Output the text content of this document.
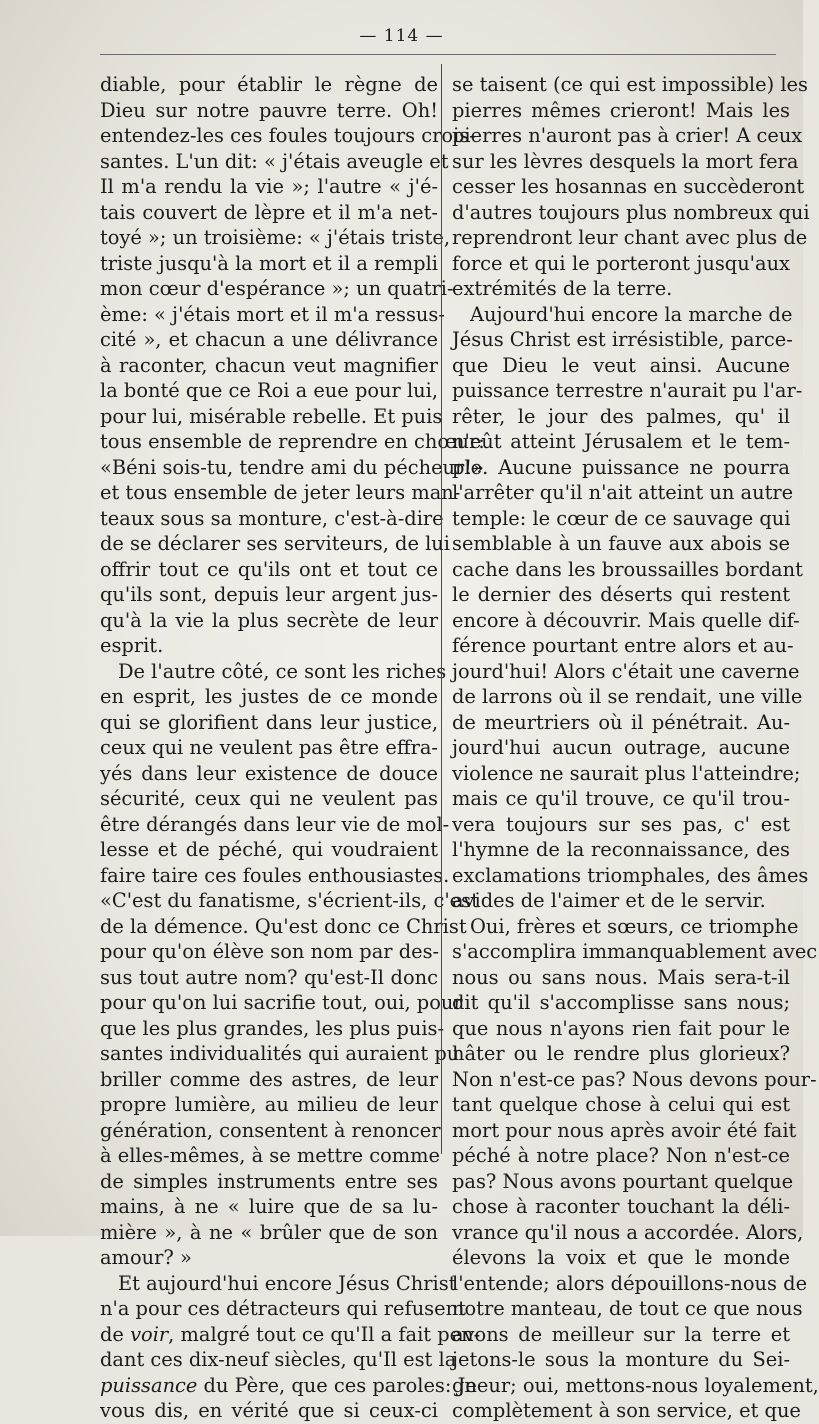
— 114 —
diable, pour établir le règne de
Dieu sur notre pauvre terre. Oh!
entendez-les ces foules toujours crois-
santes. L'un dit: « j'étais aveugle et
Il m'a rendu la vie »; l'autre « j'é-
tais couvert de lèpre et il m'a net-
toyé »; un troisième: « j'étais triste,
triste jusqu'à la mort et il a rempli
mon cœur d'espérance »; un quatri-
ème: « j'étais mort et il m'a ressus-
cité », et chacun a une délivrance
à raconter, chacun veut magnifier
la bonté que ce Roi a eue pour lui,
pour lui, misérable rebelle. Et puis
tous ensemble de reprendre en chœur:
«Béni sois-tu, tendre ami du pécheur!»
et tous ensemble de jeter leurs man-
teaux sous sa monture, c'est-à-dire
de se déclarer ses serviteurs, de lui
offrir tout ce qu'ils ont et tout ce
qu'ils sont, depuis leur argent jus-
qu'à la vie la plus secrète de leur
esprit.
De l'autre côté, ce sont les riches
en esprit, les justes de ce monde
qui se glorifient dans leur justice,
ceux qui ne veulent pas être effra-
yés dans leur existence de douce
sécurité, ceux qui ne veulent pas
être dérangés dans leur vie de mol-
lesse et de péché, qui voudraient
faire taire ces foules enthousiastes.
«C'est du fanatisme, s'écrient-ils, c'est
de la démence. Qu'est donc ce Christ
pour qu'on élève son nom par des-
sus tout autre nom? qu'est-Il donc
pour qu'on lui sacrifie tout, oui, pour
que les plus grandes, les plus puis-
santes individualités qui auraient pu
briller comme des astres, de leur
propre lumière, au milieu de leur
génération, consentent à renoncer
à elles-mêmes, à se mettre comme
de simples instruments entre ses
mains, à ne « luire que de sa lu-
mière », à ne « brûler que de son
amour? »
Et aujourd'hui encore Jésus Christ
n'a pour ces détracteurs qui refusent
de voir, malgré tout ce qu'Il a fait pen-
dant ces dix-neuf siècles, qu'Il est la
puissance du Père, que ces paroles: Je
vous dis, en vérité que si ceux-ci
se taisent (ce qui est impossible) les
pierres mêmes crieront! Mais les
pierres n'auront pas à crier! A ceux
sur les lèvres desquels la mort fera
cesser les hosannas en succèderont
d'autres toujours plus nombreux qui
reprendront leur chant avec plus de
force et qui le porteront jusqu'aux
extrémités de la terre.
Aujourd'hui encore la marche de
Jésus Christ est irrésistible, parce-
que Dieu le veut ainsi. Aucune
puissance terrestre n'aurait pu l'ar-
rêter, le jour des palmes, qu' il
n'eût atteint Jérusalem et le tem-
ple. Aucune puissance ne pourra
l'arrêter qu'il n'ait atteint un autre
temple: le cœur de ce sauvage qui
semblable à un fauve aux abois se
cache dans les broussailles bordant
le dernier des déserts qui restent
encore à découvrir. Mais quelle dif-
férence pourtant entre alors et au-
jourd'hui! Alors c'était une caverne
de larrons où il se rendait, une ville
de meurtriers où il pénétrait. Au-
jourd'hui aucun outrage, aucune
violence ne saurait plus l'atteindre;
mais ce qu'il trouve, ce qu'il trou-
vera toujours sur ses pas, c' est
l'hymne de la reconnaissance, des
exclamations triomphales, des âmes
avides de l'aimer et de le servir.
Oui, frères et sœurs, ce triomphe
s'accomplira immanquablement avec
nous ou sans nous. Mais sera-t-il
dit qu'il s'accomplisse sans nous;
que nous n'ayons rien fait pour le
hâter ou le rendre plus glorieux?
Non n'est-ce pas? Nous devons pour-
tant quelque chose à celui qui est
mort pour nous après avoir été fait
péché à notre place? Non n'est-ce
pas? Nous avons pourtant quelque
chose à raconter touchant la déli-
vrance qu'il nous a accordée. Alors,
élevons la voix et que le monde
l'entende; alors dépouillons-nous de
notre manteau, de tout ce que nous
avons de meilleur sur la terre et
jetons-le sous la monture du Sei-
gneur; oui, mettons-nous loyalement,
complètement à son service, et que
